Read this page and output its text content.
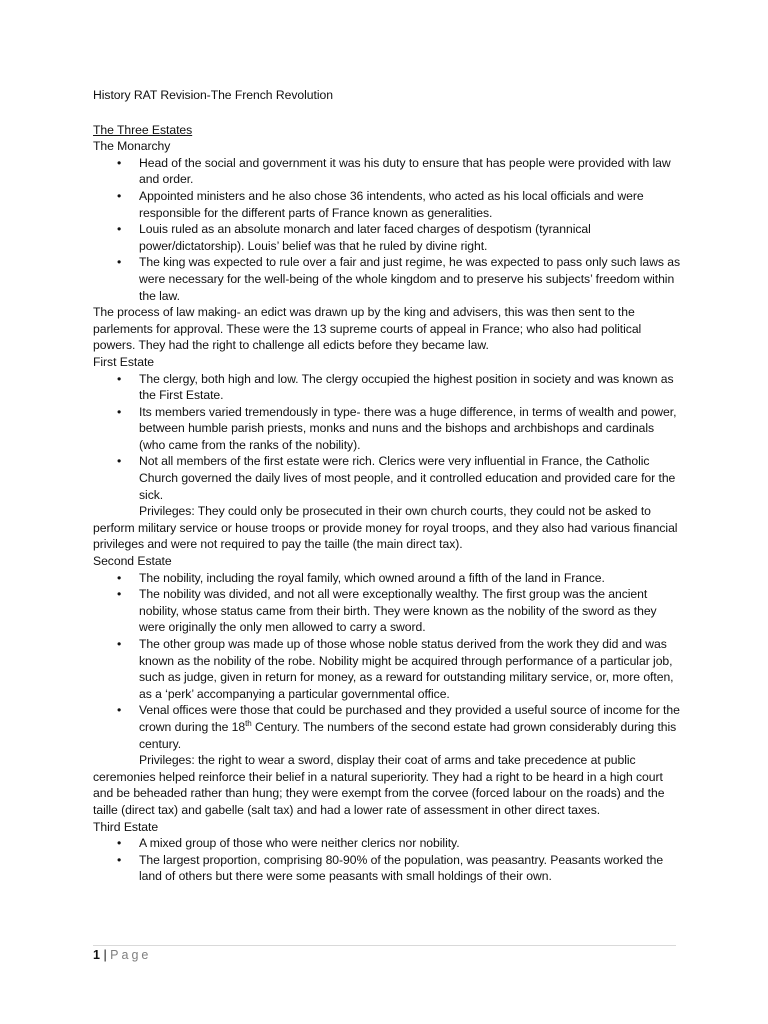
History RAT Revision-The French Revolution

The Three Estates

The Monarchy

• Head of the social and government it was his duty to ensure that has people were provided with law and order.
• Appointed ministers and he also chose 36 intendents, who acted as his local officials and were responsible for the different parts of France known as generalities.
• Louis ruled as an absolute monarch and later faced charges of despotism (tyrannical power/dictatorship). Louis’ belief was that he ruled by divine right.
• The king was expected to rule over a fair and just regime, he was expected to pass only such laws as were necessary for the well-being of the whole kingdom and to preserve his subjects’ freedom within the law.

The process of law making- an edict was drawn up by the king and advisers, this was then sent to the parlements for approval. These were the 13 supreme courts of appeal in France; who also had political powers. They had the right to challenge all edicts before they became law.

First Estate

• The clergy, both high and low. The clergy occupied the highest position in society and was known as the First Estate.
• Its members varied tremendously in type- there was a huge difference, in terms of wealth and power, between humble parish priests, monks and nuns and the bishops and archbishops and cardinals (who came from the ranks of the nobility).
• Not all members of the first estate were rich. Clerics were very influential in France, the Catholic Church governed the daily lives of most people, and it controlled education and provided care for the sick.

Privileges: They could only be prosecuted in their own church courts, they could not be asked to perform military service or house troops or provide money for royal troops, and they also had various financial privileges and were not required to pay the taille (the main direct tax).

Second Estate

• The nobility, including the royal family, which owned around a fifth of the land in France.
• The nobility was divided, and not all were exceptionally wealthy. The first group was the ancient nobility, whose status came from their birth. They were known as the nobility of the sword as they were originally the only men allowed to carry a sword.
• The other group was made up of those whose noble status derived from the work they did and was known as the nobility of the robe. Nobility might be acquired through performance of a particular job, such as judge, given in return for money, as a reward for outstanding military service, or, more often, as a ‘perk’ accompanying a particular governmental office.
• Venal offices were those that could be purchased and they provided a useful source of income for the crown during the 18th Century. The numbers of the second estate had grown considerably during this century.

Privileges: the right to wear a sword, display their coat of arms and take precedence at public ceremonies helped reinforce their belief in a natural superiority. They had a right to be heard in a high court and be beheaded rather than hung; they were exempt from the corvee (forced labour on the roads) and the taille (direct tax) and gabelle (salt tax) and had a lower rate of assessment in other direct taxes.

Third Estate

• A mixed group of those who were neither clerics nor nobility.
• The largest proportion, comprising 80-90% of the population, was peasantry. Peasants worked the land of others but there were some peasants with small holdings of their own.
1 | Page
